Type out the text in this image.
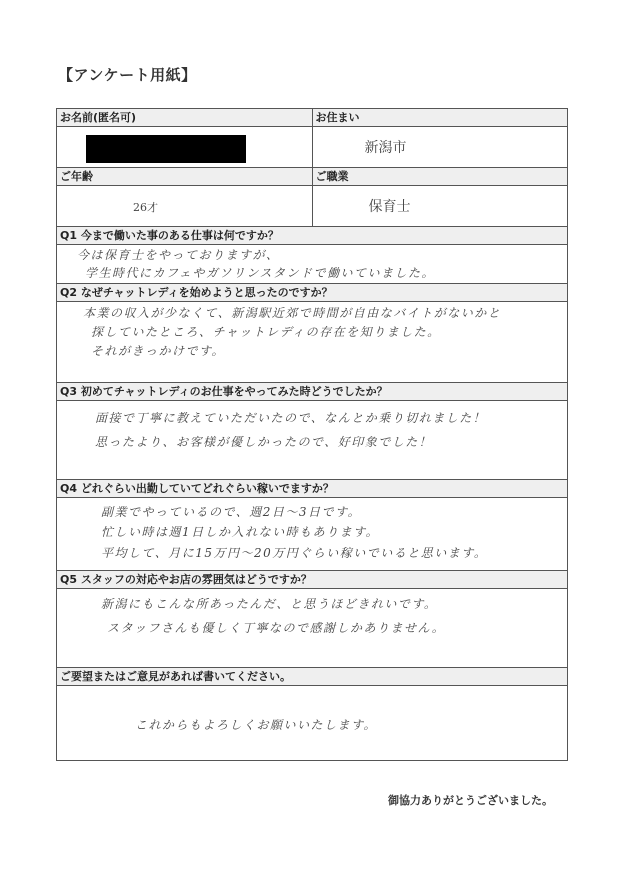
【アンケート用紙】
お名前(匿名可)	お住まい
新潟市
ご年齢
26才
ご職業
保育士
Q1 今まで働いた事のある仕事は何ですか？
今は保育士をやっておりますが、
学生時代にカフェやガソリンスタンドで働いていました。
Q2 なぜチャットレディを始めようと思ったのですか？
本業の収入が少なくて、新潟駅近郊で時間が自由なバイトがないかと
探していたところ、チャットレディの存在を知りました。
それがきっかけです。
Q3 初めてチャットレディのお仕事をやってみた時どうでしたか？
面接で丁寧に教えていただいたので、なんとか乗り切れました！
思ったより、お客様が優しかったので、好印象でした！
Q4 どれぐらい出勤していてどれぐらい稼いでますか？
副業でやっているので、週2日～3日です。
忙しい時は週1日しか入れない時もあります。
平均して、月に15万円～20万円ぐらい稼いでいると思います。
Q5 スタッフの対応やお店の雰囲気はどうですか？
新潟にもこんな所あったんだ、と思うほどきれいです。
スタッフさんも優しく丁寧なので感謝しかありません。
ご要望またはご意見があれば書いてください。
これからもよろしくお願いいたします。
御協力ありがとうございました。
